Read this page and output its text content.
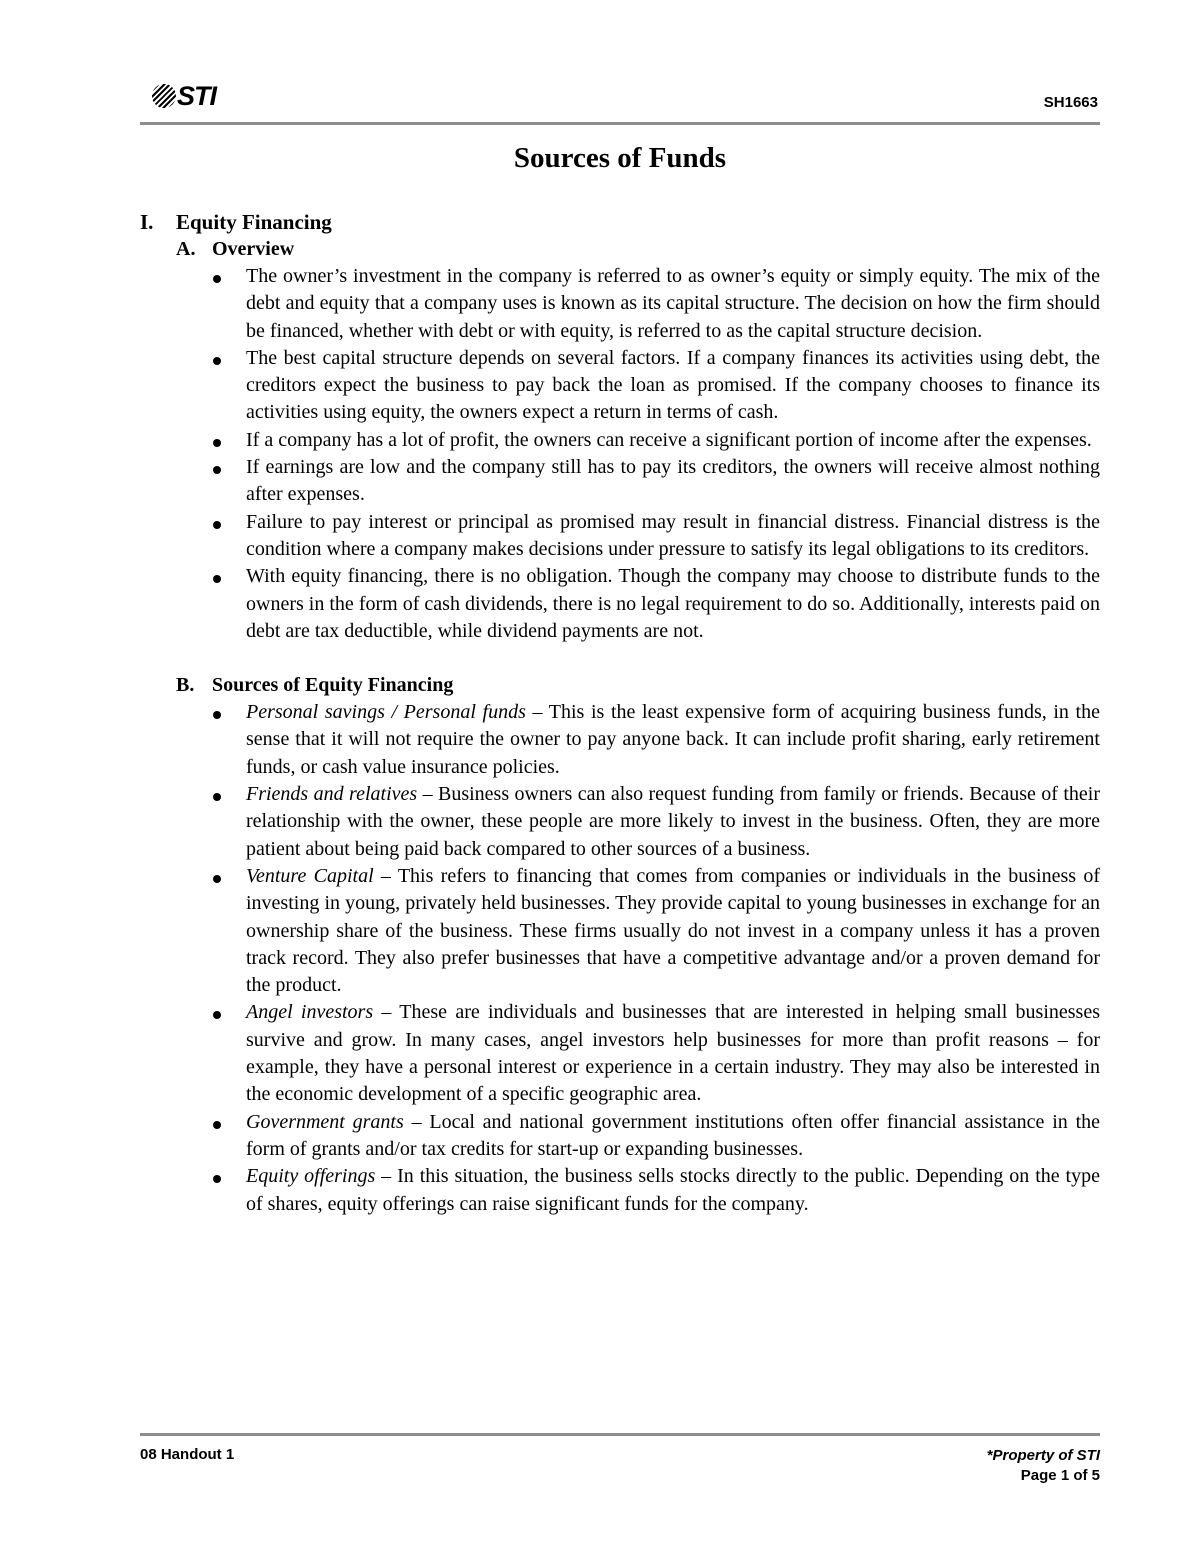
STI	SH1663
Sources of Funds
I. Equity Financing
A. Overview
The owner’s investment in the company is referred to as owner’s equity or simply equity. The mix of the debt and equity that a company uses is known as its capital structure. The decision on how the firm should be financed, whether with debt or with equity, is referred to as the capital structure decision.
The best capital structure depends on several factors. If a company finances its activities using debt, the creditors expect the business to pay back the loan as promised. If the company chooses to finance its activities using equity, the owners expect a return in terms of cash.
If a company has a lot of profit, the owners can receive a significant portion of income after the expenses.
If earnings are low and the company still has to pay its creditors, the owners will receive almost nothing after expenses.
Failure to pay interest or principal as promised may result in financial distress. Financial distress is the condition where a company makes decisions under pressure to satisfy its legal obligations to its creditors.
With equity financing, there is no obligation. Though the company may choose to distribute funds to the owners in the form of cash dividends, there is no legal requirement to do so. Additionally, interests paid on debt are tax deductible, while dividend payments are not.
B. Sources of Equity Financing
Personal savings / Personal funds – This is the least expensive form of acquiring business funds, in the sense that it will not require the owner to pay anyone back. It can include profit sharing, early retirement funds, or cash value insurance policies.
Friends and relatives – Business owners can also request funding from family or friends. Because of their relationship with the owner, these people are more likely to invest in the business. Often, they are more patient about being paid back compared to other sources of a business.
Venture Capital – This refers to financing that comes from companies or individuals in the business of investing in young, privately held businesses. They provide capital to young businesses in exchange for an ownership share of the business. These firms usually do not invest in a company unless it has a proven track record. They also prefer businesses that have a competitive advantage and/or a proven demand for the product.
Angel investors – These are individuals and businesses that are interested in helping small businesses survive and grow. In many cases, angel investors help businesses for more than profit reasons – for example, they have a personal interest or experience in a certain industry. They may also be interested in the economic development of a specific geographic area.
Government grants – Local and national government institutions often offer financial assistance in the form of grants and/or tax credits for start-up or expanding businesses.
Equity offerings – In this situation, the business sells stocks directly to the public. Depending on the type of shares, equity offerings can raise significant funds for the company.
08 Handout 1	*Property of STI
Page 1 of 5
